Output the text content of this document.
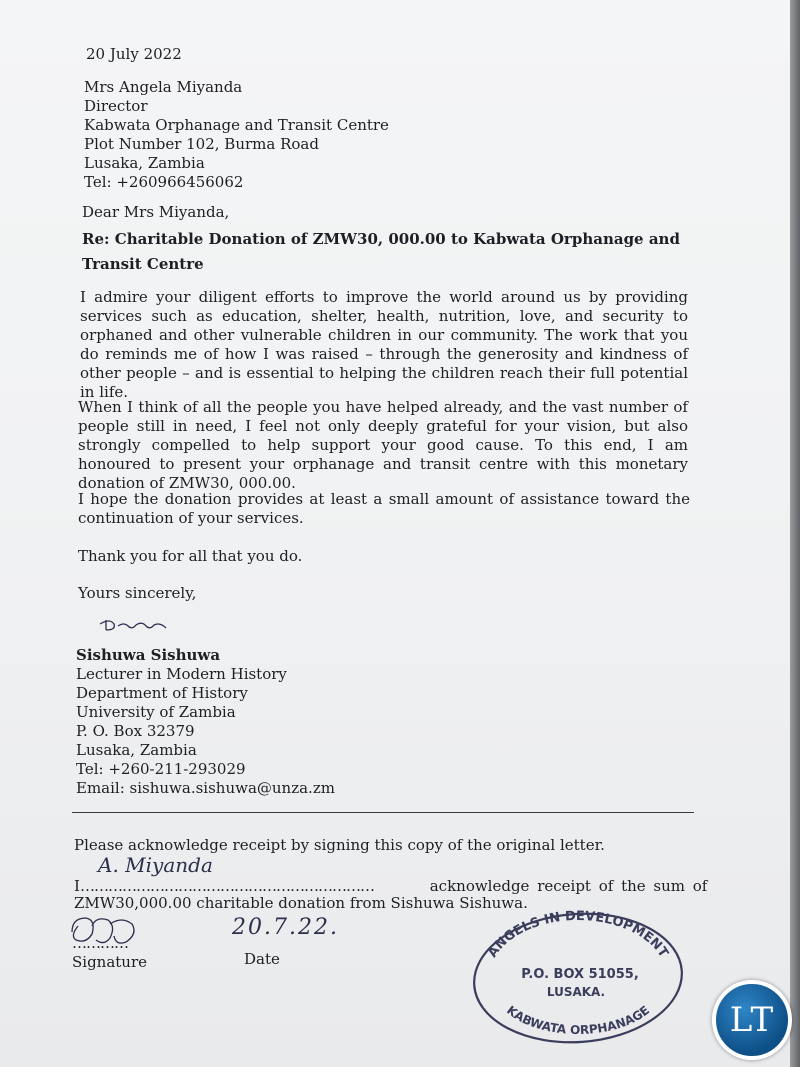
20 July 2022
Mrs Angela Miyanda
Director
Kabwata Orphanage and Transit Centre
Plot Number 102, Burma Road
Lusaka, Zambia
Tel: +260966456062
Dear Mrs Miyanda,
Re: Charitable Donation of ZMW30, 000.00 to Kabwata Orphanage and
Transit Centre
I admire your diligent efforts to improve the world around us by providing services such as education, shelter, health, nutrition, love, and security to orphaned and other vulnerable children in our community. The work that you do reminds me of how I was raised – through the generosity and kindness of other people – and is essential to helping the children reach their full potential in life.
When I think of all the people you have helped already, and the vast number of people still in need, I feel not only deeply grateful for your vision, but also strongly compelled to help support your good cause. To this end, I am honoured to present your orphanage and transit centre with this monetary donation of ZMW30, 000.00.
I hope the donation provides at least a small amount of assistance toward the continuation of your services.
Thank you for all that you do.
Yours sincerely,
Sishuwa Sishuwa
Lecturer in Modern History
Department of History
University of Zambia
P. O. Box 32379
Lusaka, Zambia
Tel: +260-211-293029
Email: sishuwa.sishuwa@unza.zm
Please acknowledge receipt by signing this copy of the original letter.
I………………………………………………………	acknowledge receipt of the sum of
A. Miyanda
ZMW30,000.00 charitable donation from Sishuwa Sishuwa.
…………
Signature
20.7.22.
Date	ANGELS IN DEVELOPMENT
P.O. BOX 51055,
LUSAKA.
KABWATA ORPHANAGE	LT
